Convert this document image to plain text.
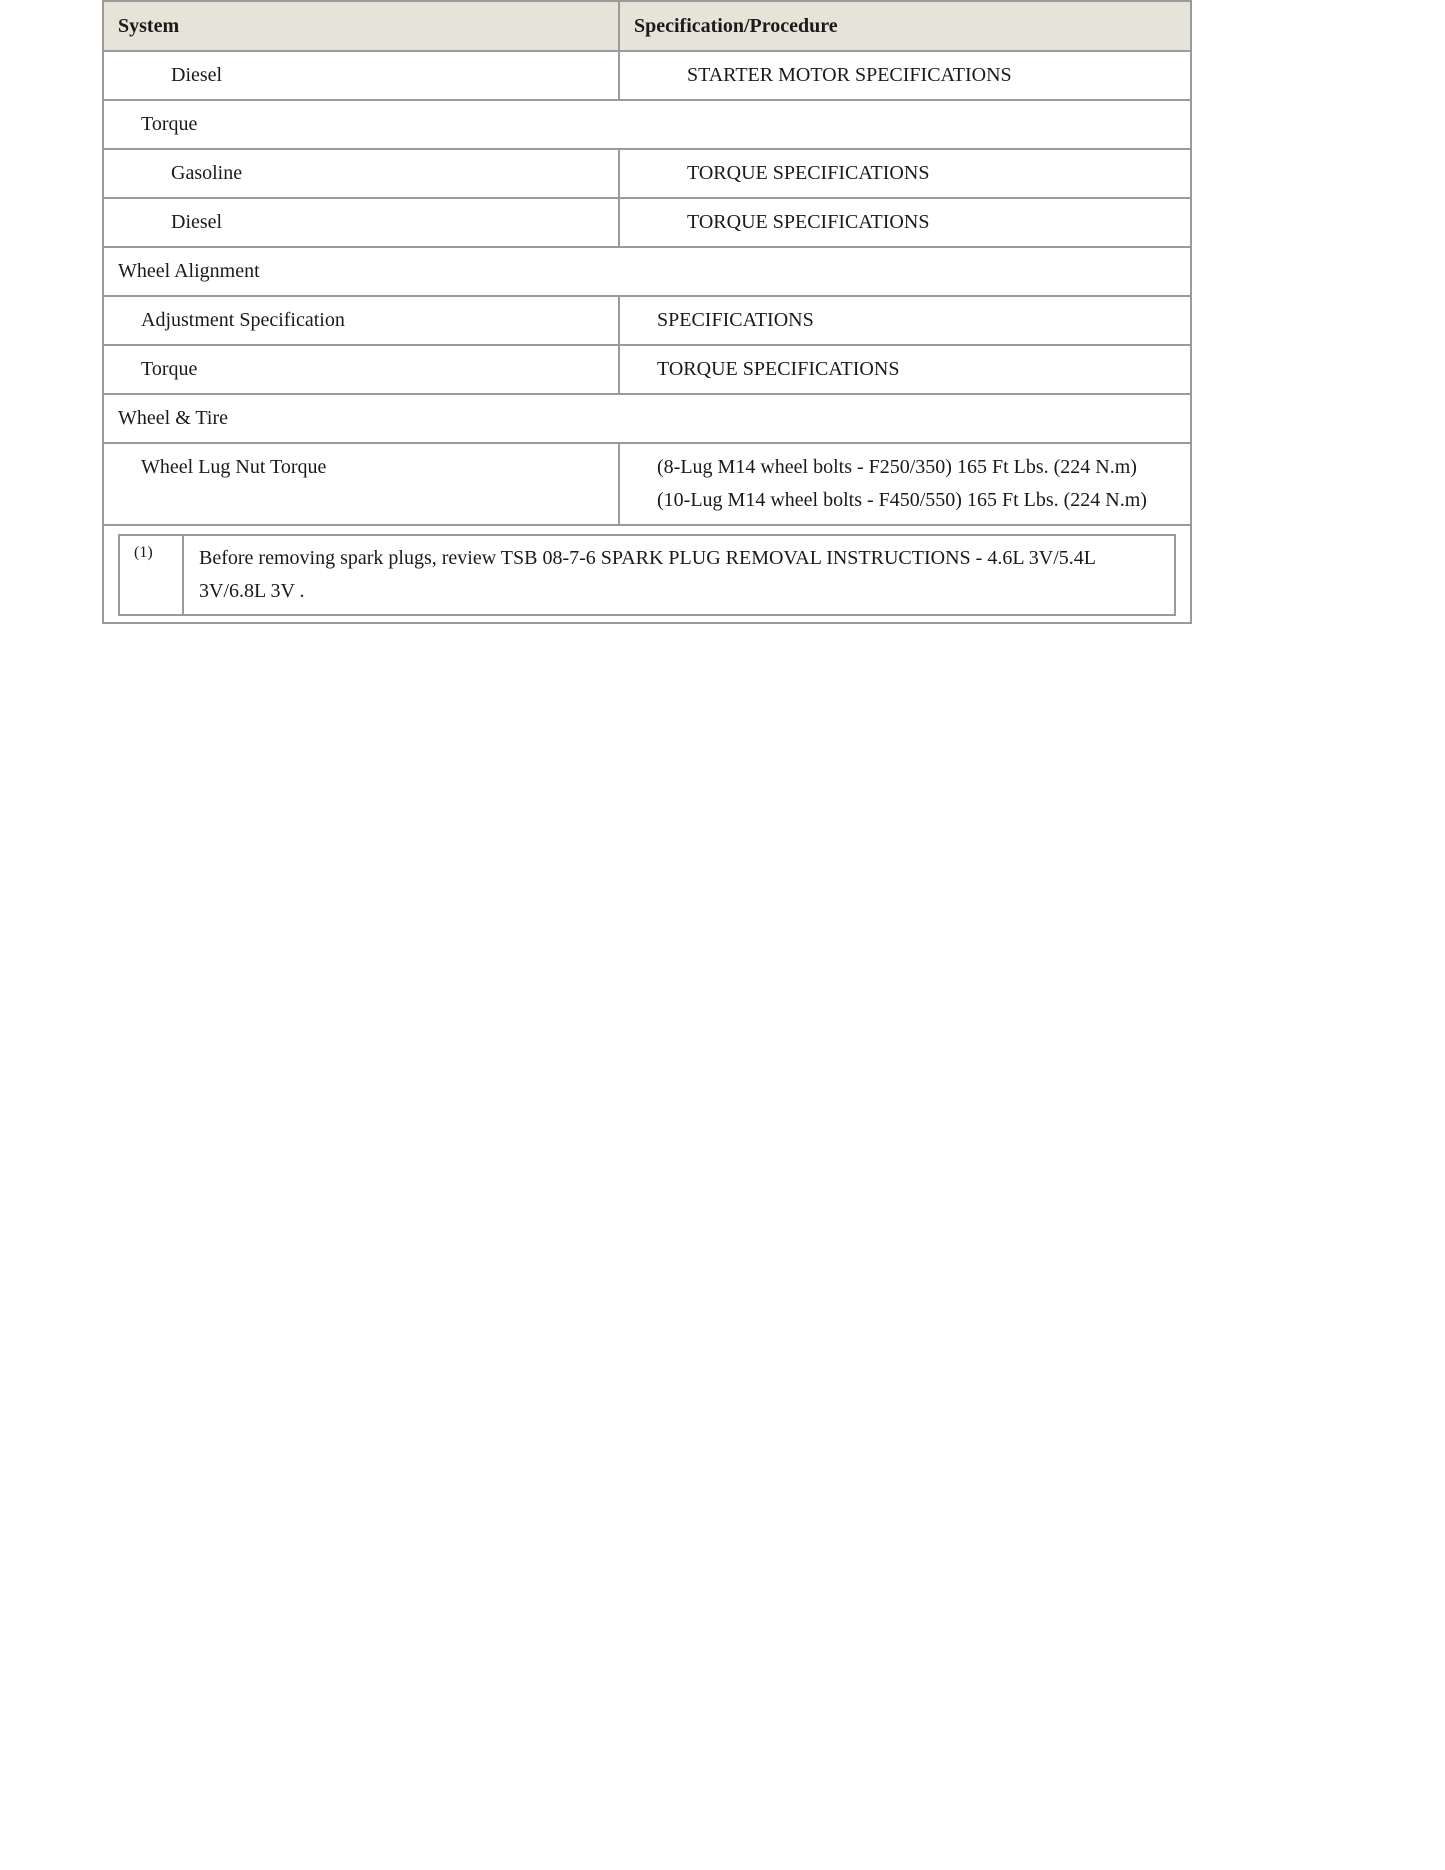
System	Specification/Procedure
Diesel	STARTER MOTOR SPECIFICATIONS
Torque
Gasoline	TORQUE SPECIFICATIONS
Diesel	TORQUE SPECIFICATIONS
Wheel Alignment
Adjustment Specification	SPECIFICATIONS
Torque	TORQUE SPECIFICATIONS
Wheel & Tire
Wheel Lug Nut Torque	(8-Lug M14 wheel bolts - F250/350) 165 Ft Lbs. (224 N.m)
(10-Lug M14 wheel bolts - F450/550) 165 Ft Lbs. (224 N.m)

(1)	Before removing spark plugs, review TSB 08-7-6 SPARK PLUG REMOVAL INSTRUCTIONS - 4.6L 3V/5.4L 3V/6.8L 3V .
